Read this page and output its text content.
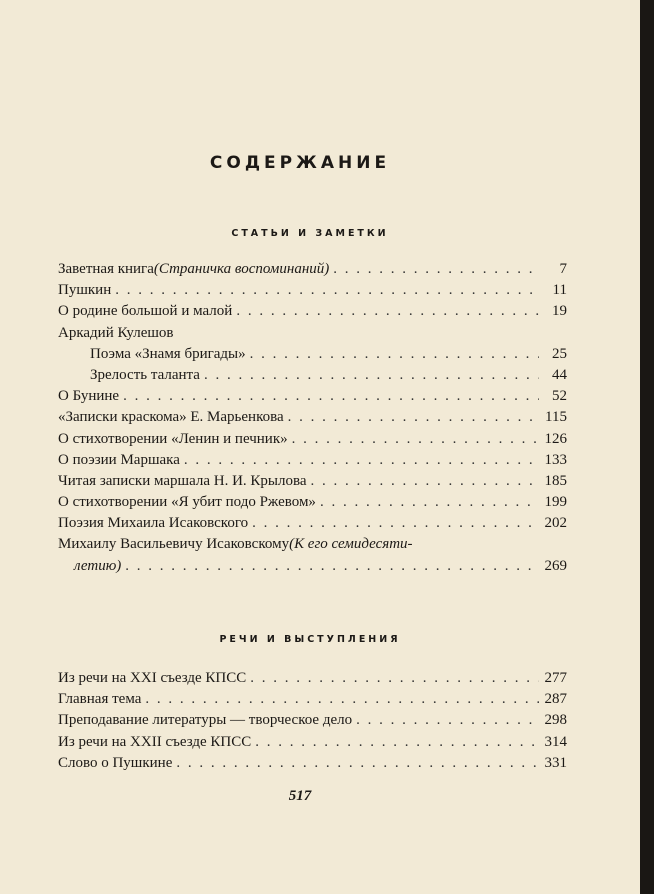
СОДЕРЖАНИЕ
СТАТЬИ И ЗАМЕТКИ
Заветная книга (Страничка воспоминаний) . . .	7
Пушкин . . .	11
О родине большой и малой . . .	19
Аркадий Кулешов
Поэма «Знамя бригады» . . .	25
Зрелость таланта . . .	44
О Бунине . . .	52
«Записки краскома» Е. Марьенкова . . .	115
О стихотворении «Ленин и печник» . . .	126
О поэзии Маршака . . .	133
Читая записки маршала Н. И. Крылова . . .	185
О стихотворении «Я убит подо Ржевом» . . .	199
Поэзия Михаила Исаковского . . .	202
Михаилу Васильевичу Исаковскому (К его семидесяти-
летию) . . .	269
РЕЧИ И ВЫСТУПЛЕНИЯ
Из речи на XXI съезде КПСС . . .	277
Главная тема . . .	287
Преподавание литературы — творческое дело . . .	298
Из речи на XXII съезде КПСС . . .	314
Слово о Пушкине . . .	331
517
